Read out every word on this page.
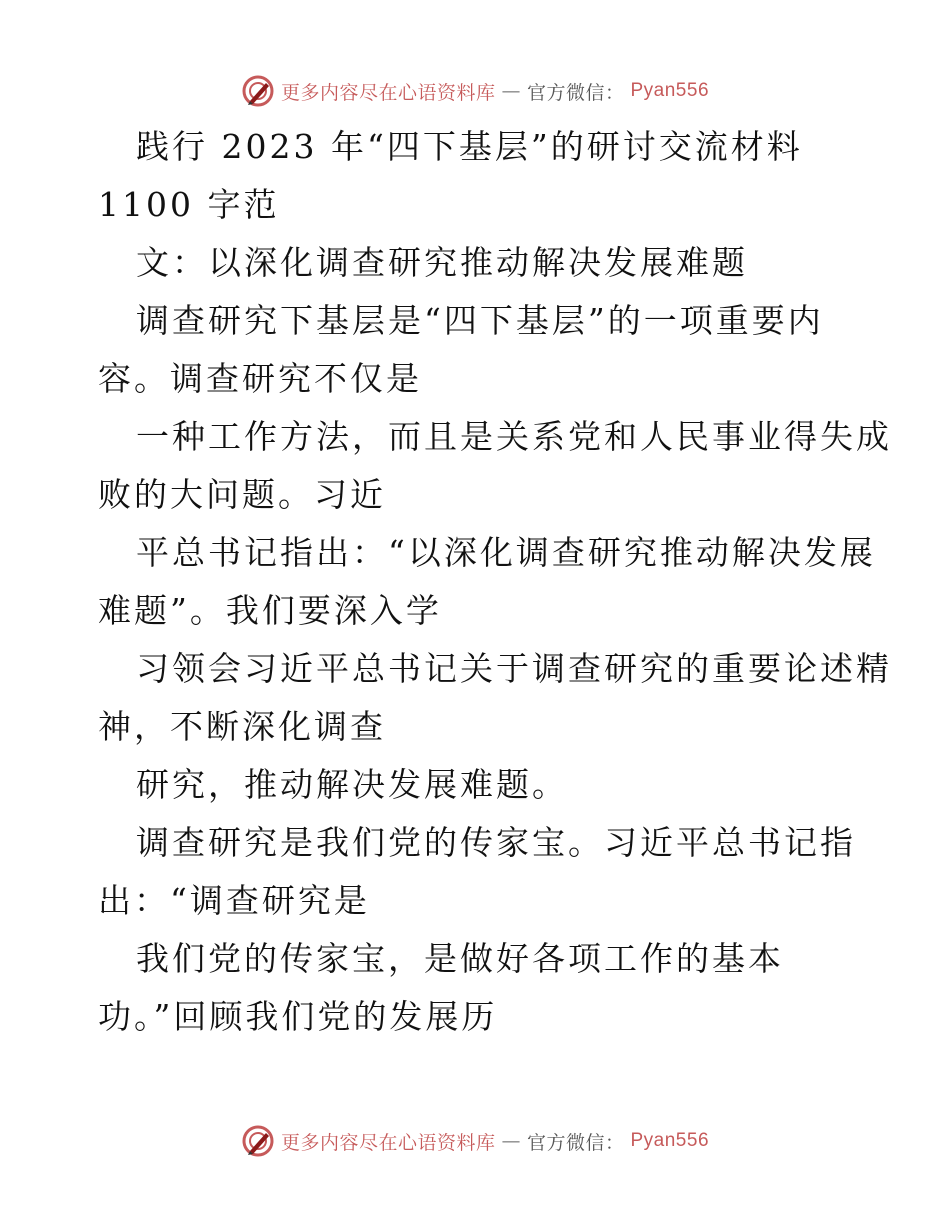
更多内容尽在心语资料库 — 官方微信： Pyan556
践行 2023 年“四下基层”的研讨交流材料
1100 字范
文：以深化调查研究推动解决发展难题
调查研究下基层是“四下基层”的一项重要内
容。调查研究不仅是
一种工作方法，而且是关系党和人民事业得失成
败的大问题。习近
平总书记指出：“以深化调查研究推动解决发展
难题”。我们要深入学
习领会习近平总书记关于调查研究的重要论述精
神，不断深化调查
研究，推动解决发展难题。
调查研究是我们党的传家宝。习近平总书记指
出：“调查研究是
我们党的传家宝，是做好各项工作的基本
功。”回顾我们党的发展历
更多内容尽在心语资料库 — 官方微信： Pyan556
